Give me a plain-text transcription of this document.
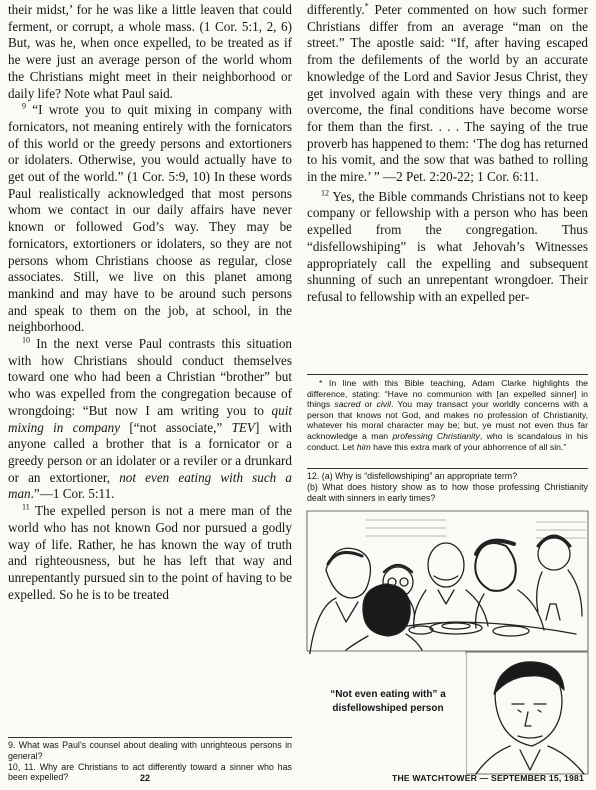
their midst,’ for he was like a little leaven that could ferment, or corrupt, a whole mass. (1 Cor. 5:1, 2, 6) But, was he, when once expelled, to be treated as if he were just an average person of the world whom the Christians might meet in their neighborhood or daily life? Note what Paul said.

$^9$ “I wrote you to quit mixing in company with fornicators, not meaning entirely with the fornicators of this world or the greedy persons and extortioners or idolaters. Otherwise, you would actually have to get out of the world.” (1 Cor. 5:9, 10) In these words Paul realistically acknowledged that most persons whom we contact in our daily affairs have never known or followed God’s way. They may be fornicators, extortioners or idolaters, so they are not persons whom Christians choose as regular, close associates. Still, we live on this planet among mankind and may have to be around such persons and speak to them on the job, at school, in the neighborhood.

$^{10}$ In the next verse Paul contrasts this situation with how Christians should conduct themselves toward one who had been a Christian “brother” but who was expelled from the congregation because of wrongdoing: “But now I am writing you to quit mixing in company [“not associate,” TEV] with anyone called a brother that is a fornicator or a greedy person or an idolater or a reviler or a drunkard or an extortioner, not even eating with such a man.”—1 Cor. 5:11.

$^{11}$ The expelled person is not a mere man of the world who has not known God nor pursued a godly way of life. Rather, he has known the way of truth and righteousness, but he has left that way and unrepentantly pursued sin to the point of having to be expelled. So he is to be treated

9. What was Paul’s counsel about dealing with unrighteous persons in general?

10, 11. Why are Christians to act differently toward a sinner who has been expelled?

differently.* Peter commented on how such former Christians differ from an average “man on the street.” The apostle said: “If, after having escaped from the defilements of the world by an accurate knowledge of the Lord and Savior Jesus Christ, they get involved again with these very things and are overcome, the final conditions have become worse for them than the first. . . . The saying of the true proverb has happened to them: ‘The dog has returned to his vomit, and the sow that was bathed to rolling in the mire.’ ” —2 Pet. 2:20-22; 1 Cor. 6:11.

$^{12}$ Yes, the Bible commands Christians not to keep company or fellowship with a person who has been expelled from the congregation. Thus “disfellowshiping” is what Jehovah’s Witnesses appropriately call the expelling and subsequent shunning of such an unrepentant wrongdoer. Their refusal to fellowship with an expelled per-

* In line with this Bible teaching, Adam Clarke highlights the difference, stating: “Have no communion with [an expelled sinner] in things sacred or civil. You may transact your worldly concerns with a person that knows not God, and makes no profession of Christianity, whatever his moral character may be; but, ye must not even thus far acknowledge a man professing Christianity, who is scandalous in his conduct. Let him have this extra mark of your abhorrence of all sin.”

12. (a) Why is “disfellowshiping” an appropriate term?

(b) What does history show as to how those professing Christianity dealt with sinners in early times?

“Not even eating with” a disfellowshiped person
22	THE WATCHTOWER — SEPTEMBER 15, 1981
